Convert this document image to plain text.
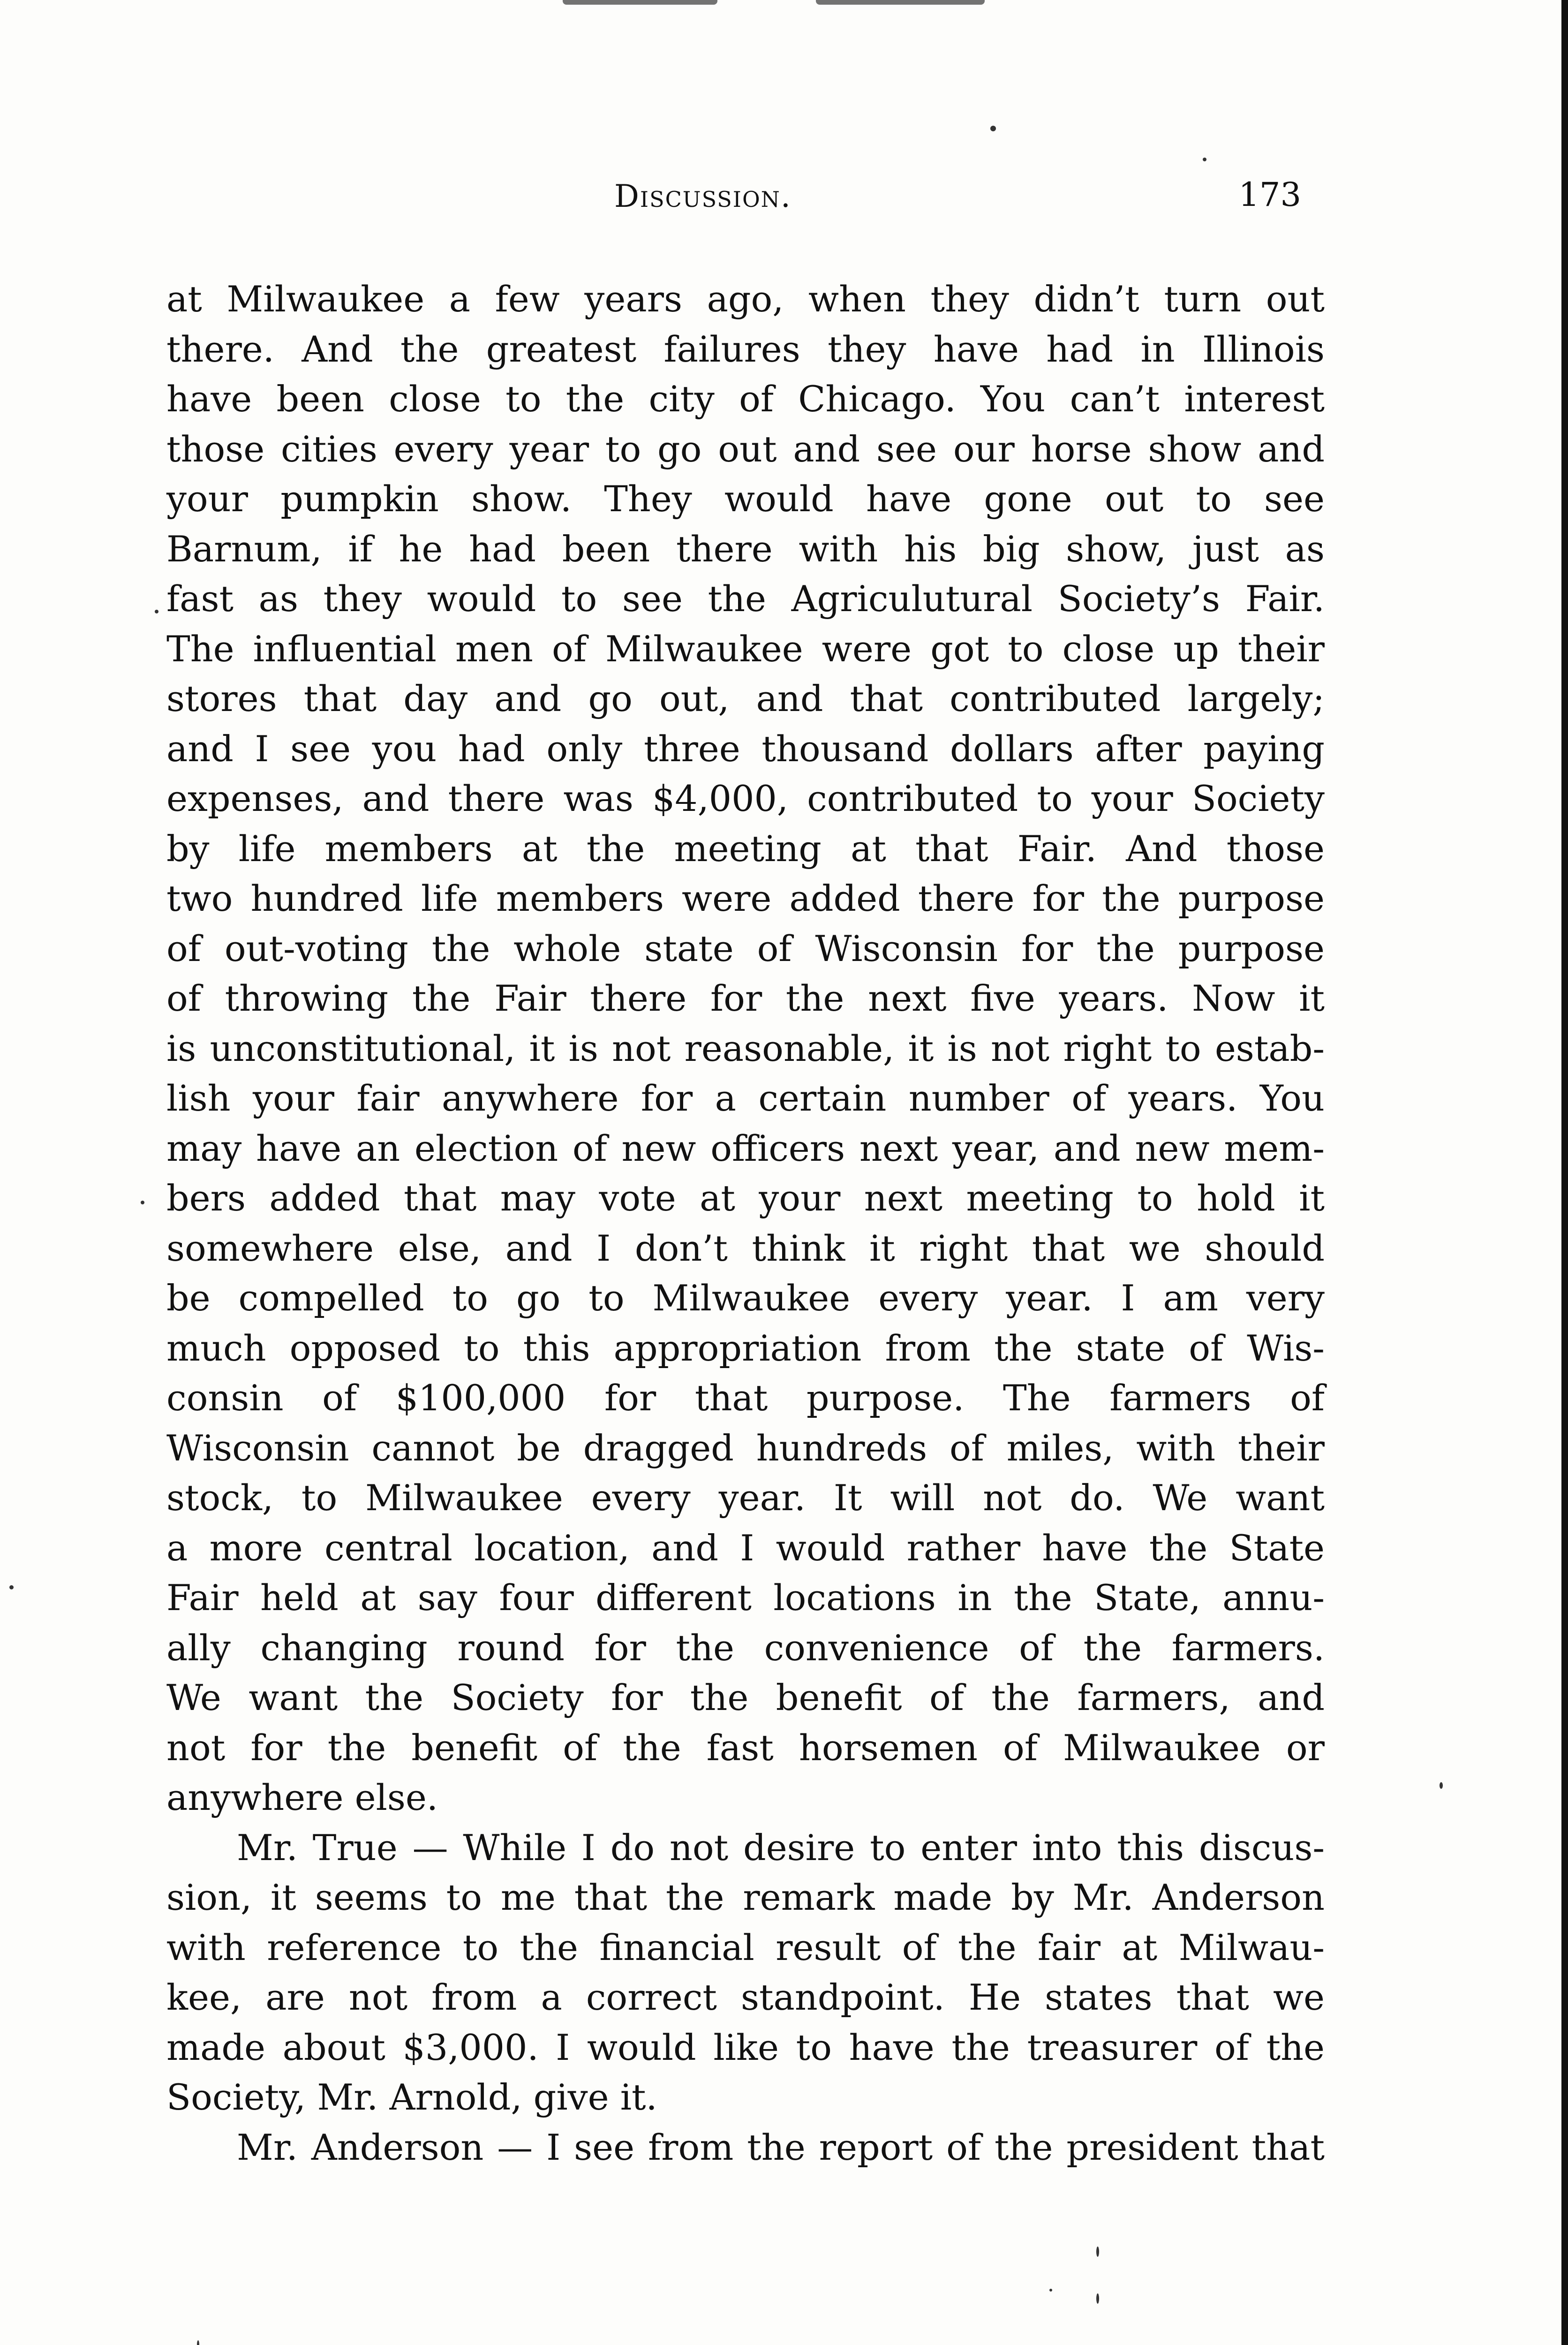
Discussion.	173
at Milwaukee a few years ago, when they didn’t turn out
there. And the greatest failures they have had in Illinois
have been close to the city of Chicago. You can’t interest
those cities every year to go out and see our horse show and
your pumpkin show. They would have gone out to see
Barnum, if he had been there with his big show, just as
fast as they would to see the Agriculutural Society’s Fair.
The influential men of Milwaukee were got to close up their
stores that day and go out, and that contributed largely;
and I see you had only three thousand dollars after paying
expenses, and there was $4,000, contributed to your Society
by life members at the meeting at that Fair. And those
two hundred life members were added there for the purpose
of out-voting the whole state of Wisconsin for the purpose
of throwing the Fair there for the next five years. Now it
is unconstitutional, it is not reasonable, it is not right to estab-
lish your fair anywhere for a certain number of years. You
may have an election of new officers next year, and new mem-
bers added that may vote at your next meeting to hold it
somewhere else, and I don’t think it right that we should
be compelled to go to Milwaukee every year. I am very
much opposed to this appropriation from the state of Wis-
consin of $100,000 for that purpose. The farmers of
Wisconsin cannot be dragged hundreds of miles, with their
stock, to Milwaukee every year. It will not do. We want
a more central location, and I would rather have the State
Fair held at say four different locations in the State, annu-
ally changing round for the convenience of the farmers.
We want the Society for the benefit of the farmers, and
not for the benefit of the fast horsemen of Milwaukee or
anywhere else.
Mr. True — While I do not desire to enter into this discus-
sion, it seems to me that the remark made by Mr. Anderson
with reference to the financial result of the fair at Milwau-
kee, are not from a correct standpoint. He states that we
made about $3,000. I would like to have the treasurer of the
Society, Mr. Arnold, give it.
Mr. Anderson — I see from the report of the president that
